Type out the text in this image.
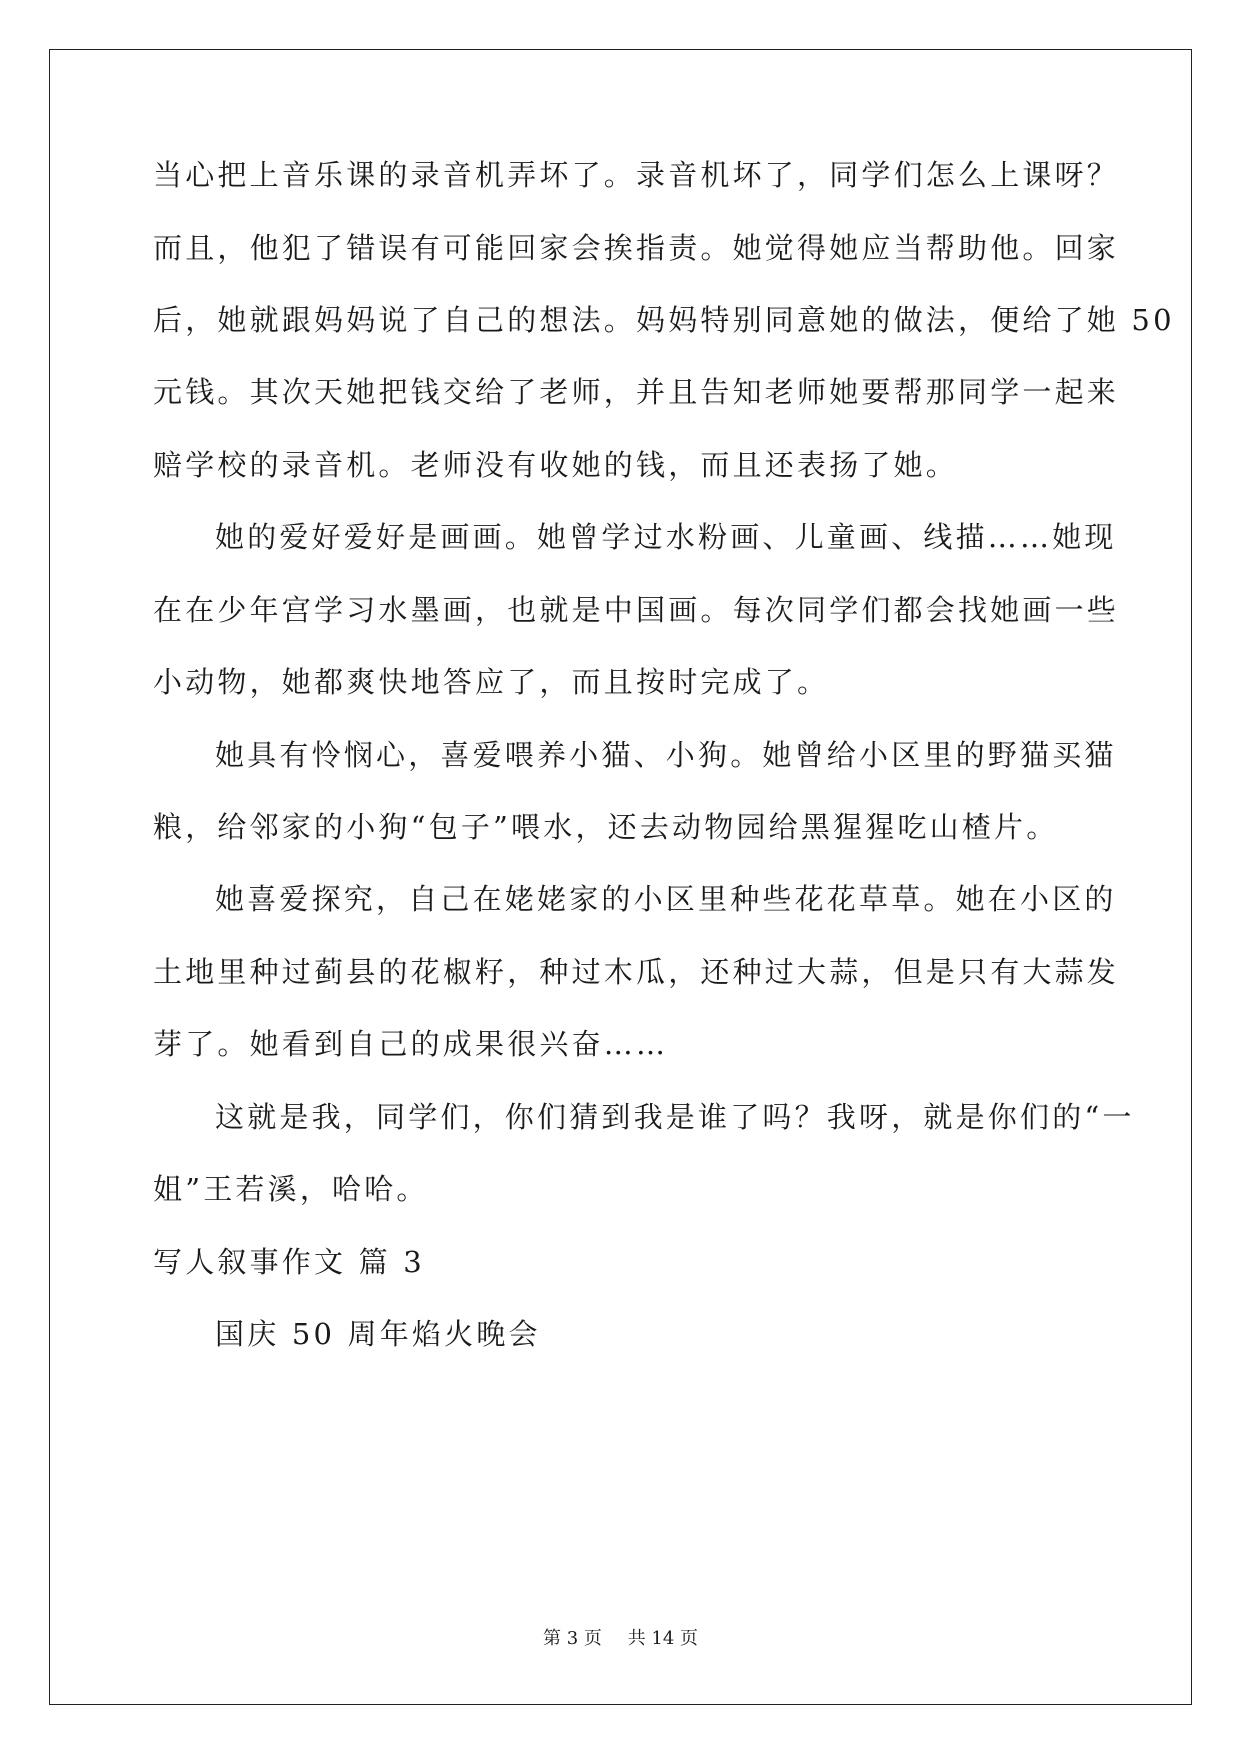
当心把上音乐课的录音机弄坏了。录音机坏了，同学们怎么上课呀？
而且，他犯了错误有可能回家会挨指责。她觉得她应当帮助他。回家
后，她就跟妈妈说了自己的想法。妈妈特别同意她的做法，便给了她 50
元钱。其次天她把钱交给了老师，并且告知老师她要帮那同学一起来
赔学校的录音机。老师没有收她的钱，而且还表扬了她。
她的爱好爱好是画画。她曾学过水粉画、儿童画、线描……她现
在在少年宫学习水墨画，也就是中国画。每次同学们都会找她画一些
小动物，她都爽快地答应了，而且按时完成了。
她具有怜悯心，喜爱喂养小猫、小狗。她曾给小区里的野猫买猫
粮，给邻家的小狗“包子”喂水，还去动物园给黑猩猩吃山楂片。
她喜爱探究，自己在姥姥家的小区里种些花花草草。她在小区的
土地里种过蓟县的花椒籽，种过木瓜，还种过大蒜，但是只有大蒜发
芽了。她看到自己的成果很兴奋……
这就是我，同学们，你们猜到我是谁了吗？我呀，就是你们的“一
姐”王若溪，哈哈。
写人叙事作文 篇 3
国庆 50 周年焰火晚会
第 3 页 共 14 页
